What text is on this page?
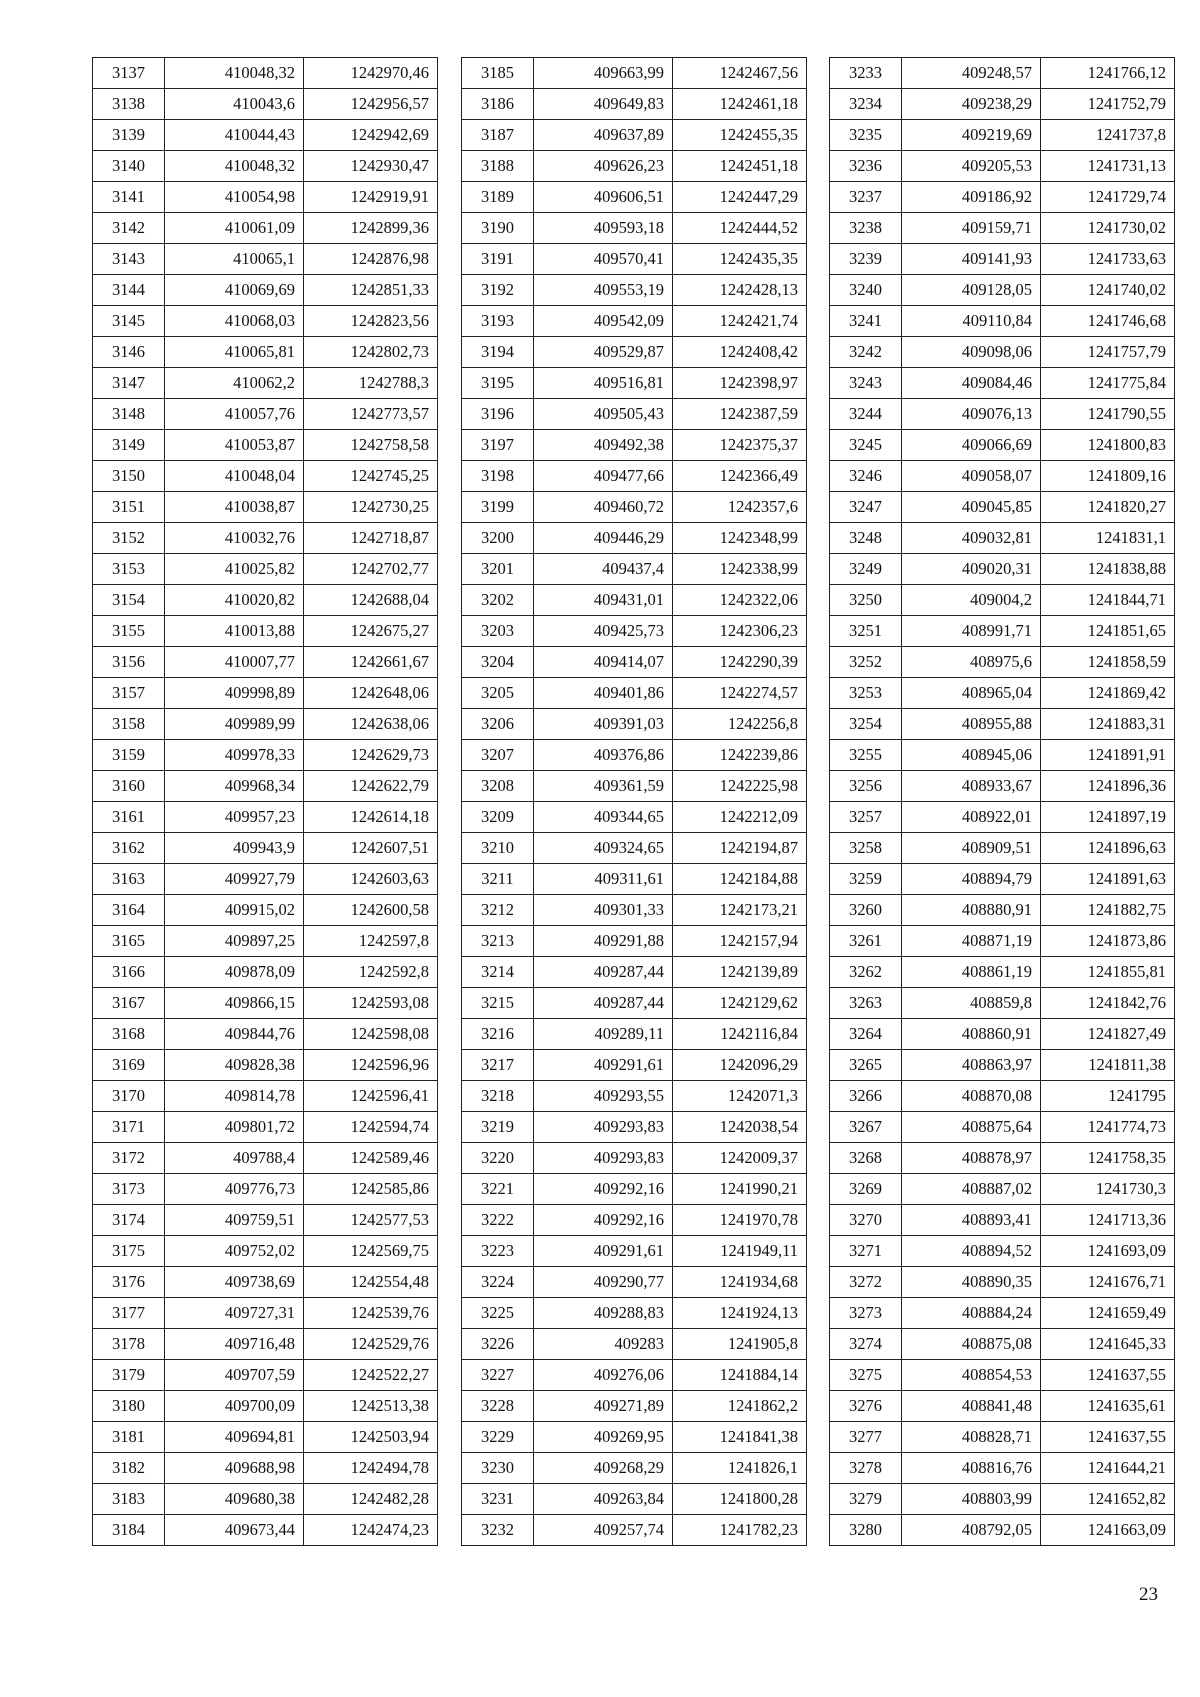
3137	410048,32	1242970,46
3138	410043,6	1242956,57
3139	410044,43	1242942,69
3140	410048,32	1242930,47
3141	410054,98	1242919,91
3142	410061,09	1242899,36
3143	410065,1	1242876,98
3144	410069,69	1242851,33
3145	410068,03	1242823,56
3146	410065,81	1242802,73
3147	410062,2	1242788,3
3148	410057,76	1242773,57
3149	410053,87	1242758,58
3150	410048,04	1242745,25
3151	410038,87	1242730,25
3152	410032,76	1242718,87
3153	410025,82	1242702,77
3154	410020,82	1242688,04
3155	410013,88	1242675,27
3156	410007,77	1242661,67
3157	409998,89	1242648,06
3158	409989,99	1242638,06
3159	409978,33	1242629,73
3160	409968,34	1242622,79
3161	409957,23	1242614,18
3162	409943,9	1242607,51
3163	409927,79	1242603,63
3164	409915,02	1242600,58
3165	409897,25	1242597,8
3166	409878,09	1242592,8
3167	409866,15	1242593,08
3168	409844,76	1242598,08
3169	409828,38	1242596,96
3170	409814,78	1242596,41
3171	409801,72	1242594,74
3172	409788,4	1242589,46
3173	409776,73	1242585,86
3174	409759,51	1242577,53
3175	409752,02	1242569,75
3176	409738,69	1242554,48
3177	409727,31	1242539,76
3178	409716,48	1242529,76
3179	409707,59	1242522,27
3180	409700,09	1242513,38
3181	409694,81	1242503,94
3182	409688,98	1242494,78
3183	409680,38	1242482,28
3184	409673,44	1242474,23
3185	409663,99	1242467,56
3186	409649,83	1242461,18
3187	409637,89	1242455,35
3188	409626,23	1242451,18
3189	409606,51	1242447,29
3190	409593,18	1242444,52
3191	409570,41	1242435,35
3192	409553,19	1242428,13
3193	409542,09	1242421,74
3194	409529,87	1242408,42
3195	409516,81	1242398,97
3196	409505,43	1242387,59
3197	409492,38	1242375,37
3198	409477,66	1242366,49
3199	409460,72	1242357,6
3200	409446,29	1242348,99
3201	409437,4	1242338,99
3202	409431,01	1242322,06
3203	409425,73	1242306,23
3204	409414,07	1242290,39
3205	409401,86	1242274,57
3206	409391,03	1242256,8
3207	409376,86	1242239,86
3208	409361,59	1242225,98
3209	409344,65	1242212,09
3210	409324,65	1242194,87
3211	409311,61	1242184,88
3212	409301,33	1242173,21
3213	409291,88	1242157,94
3214	409287,44	1242139,89
3215	409287,44	1242129,62
3216	409289,11	1242116,84
3217	409291,61	1242096,29
3218	409293,55	1242071,3
3219	409293,83	1242038,54
3220	409293,83	1242009,37
3221	409292,16	1241990,21
3222	409292,16	1241970,78
3223	409291,61	1241949,11
3224	409290,77	1241934,68
3225	409288,83	1241924,13
3226	409283	1241905,8
3227	409276,06	1241884,14
3228	409271,89	1241862,2
3229	409269,95	1241841,38
3230	409268,29	1241826,1
3231	409263,84	1241800,28
3232	409257,74	1241782,23
3233	409248,57	1241766,12
3234	409238,29	1241752,79
3235	409219,69	1241737,8
3236	409205,53	1241731,13
3237	409186,92	1241729,74
3238	409159,71	1241730,02
3239	409141,93	1241733,63
3240	409128,05	1241740,02
3241	409110,84	1241746,68
3242	409098,06	1241757,79
3243	409084,46	1241775,84
3244	409076,13	1241790,55
3245	409066,69	1241800,83
3246	409058,07	1241809,16
3247	409045,85	1241820,27
3248	409032,81	1241831,1
3249	409020,31	1241838,88
3250	409004,2	1241844,71
3251	408991,71	1241851,65
3252	408975,6	1241858,59
3253	408965,04	1241869,42
3254	408955,88	1241883,31
3255	408945,06	1241891,91
3256	408933,67	1241896,36
3257	408922,01	1241897,19
3258	408909,51	1241896,63
3259	408894,79	1241891,63
3260	408880,91	1241882,75
3261	408871,19	1241873,86
3262	408861,19	1241855,81
3263	408859,8	1241842,76
3264	408860,91	1241827,49
3265	408863,97	1241811,38
3266	408870,08	1241795
3267	408875,64	1241774,73
3268	408878,97	1241758,35
3269	408887,02	1241730,3
3270	408893,41	1241713,36
3271	408894,52	1241693,09
3272	408890,35	1241676,71
3273	408884,24	1241659,49
3274	408875,08	1241645,33
3275	408854,53	1241637,55
3276	408841,48	1241635,61
3277	408828,71	1241637,55
3278	408816,76	1241644,21
3279	408803,99	1241652,82
3280	408792,05	1241663,09
23
